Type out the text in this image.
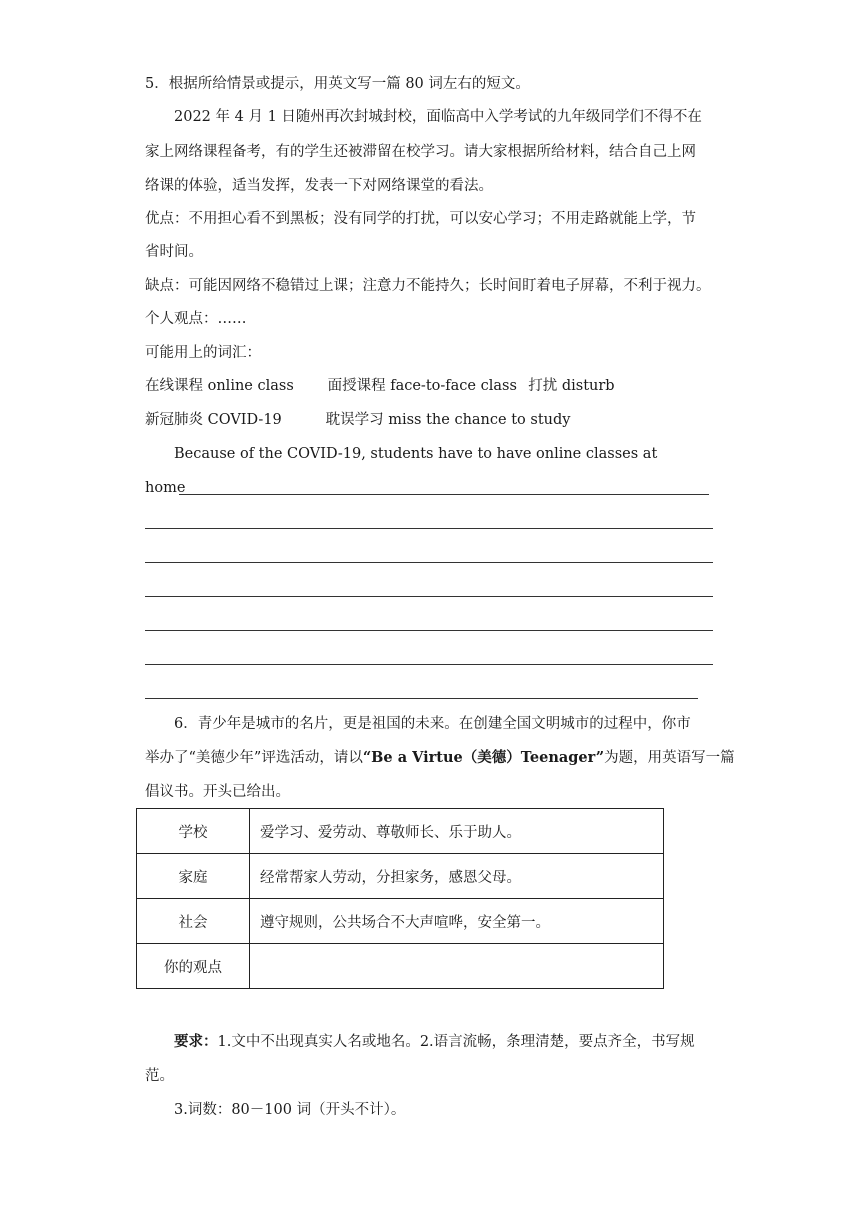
5．根据所给情景或提示，用英文写一篇 80 词左右的短文。
2022 年 4 月 1 日随州再次封城封校，面临高中入学考试的九年级同学们不得不在
家上网络课程备考，有的学生还被滞留在校学习。请大家根据所给材料，结合自己上网
络课的体验，适当发挥，发表一下对网络课堂的看法。
优点：不用担心看不到黑板；没有同学的打扰，可以安心学习；不用走路就能上学，节
省时间。
缺点：可能因网络不稳错过上课；注意力不能持久；长时间盯着电子屏幕，不利于视力。
个人观点：……
可能用上的词汇：
在线课程 online class 面授课程 face-to-face class 打扰 disturb
新冠肺炎 COVID-19	耽误学习 miss the chance to study
Because of the COVID-19, students have to have online classes at
home
6．青少年是城市的名片，更是祖国的未来。在创建全国文明城市的过程中，你市
举办了“美德少年”评选活动，请以“Be a Virtue（美德）Teenager”为题，用英语写一篇
倡议书。开头已给出。
学校	爱学习、爱劳动、尊敬师长、乐于助人。
家庭	经常帮家人劳动，分担家务，感恩父母。
社会	遵守规则，公共场合不大声喧哗，安全第一。
你的观点	
要求：1.文中不出现真实人名或地名。2.语言流畅，条理清楚，要点齐全，书写规
范。
3.词数：80－100 词（开头不计）。
